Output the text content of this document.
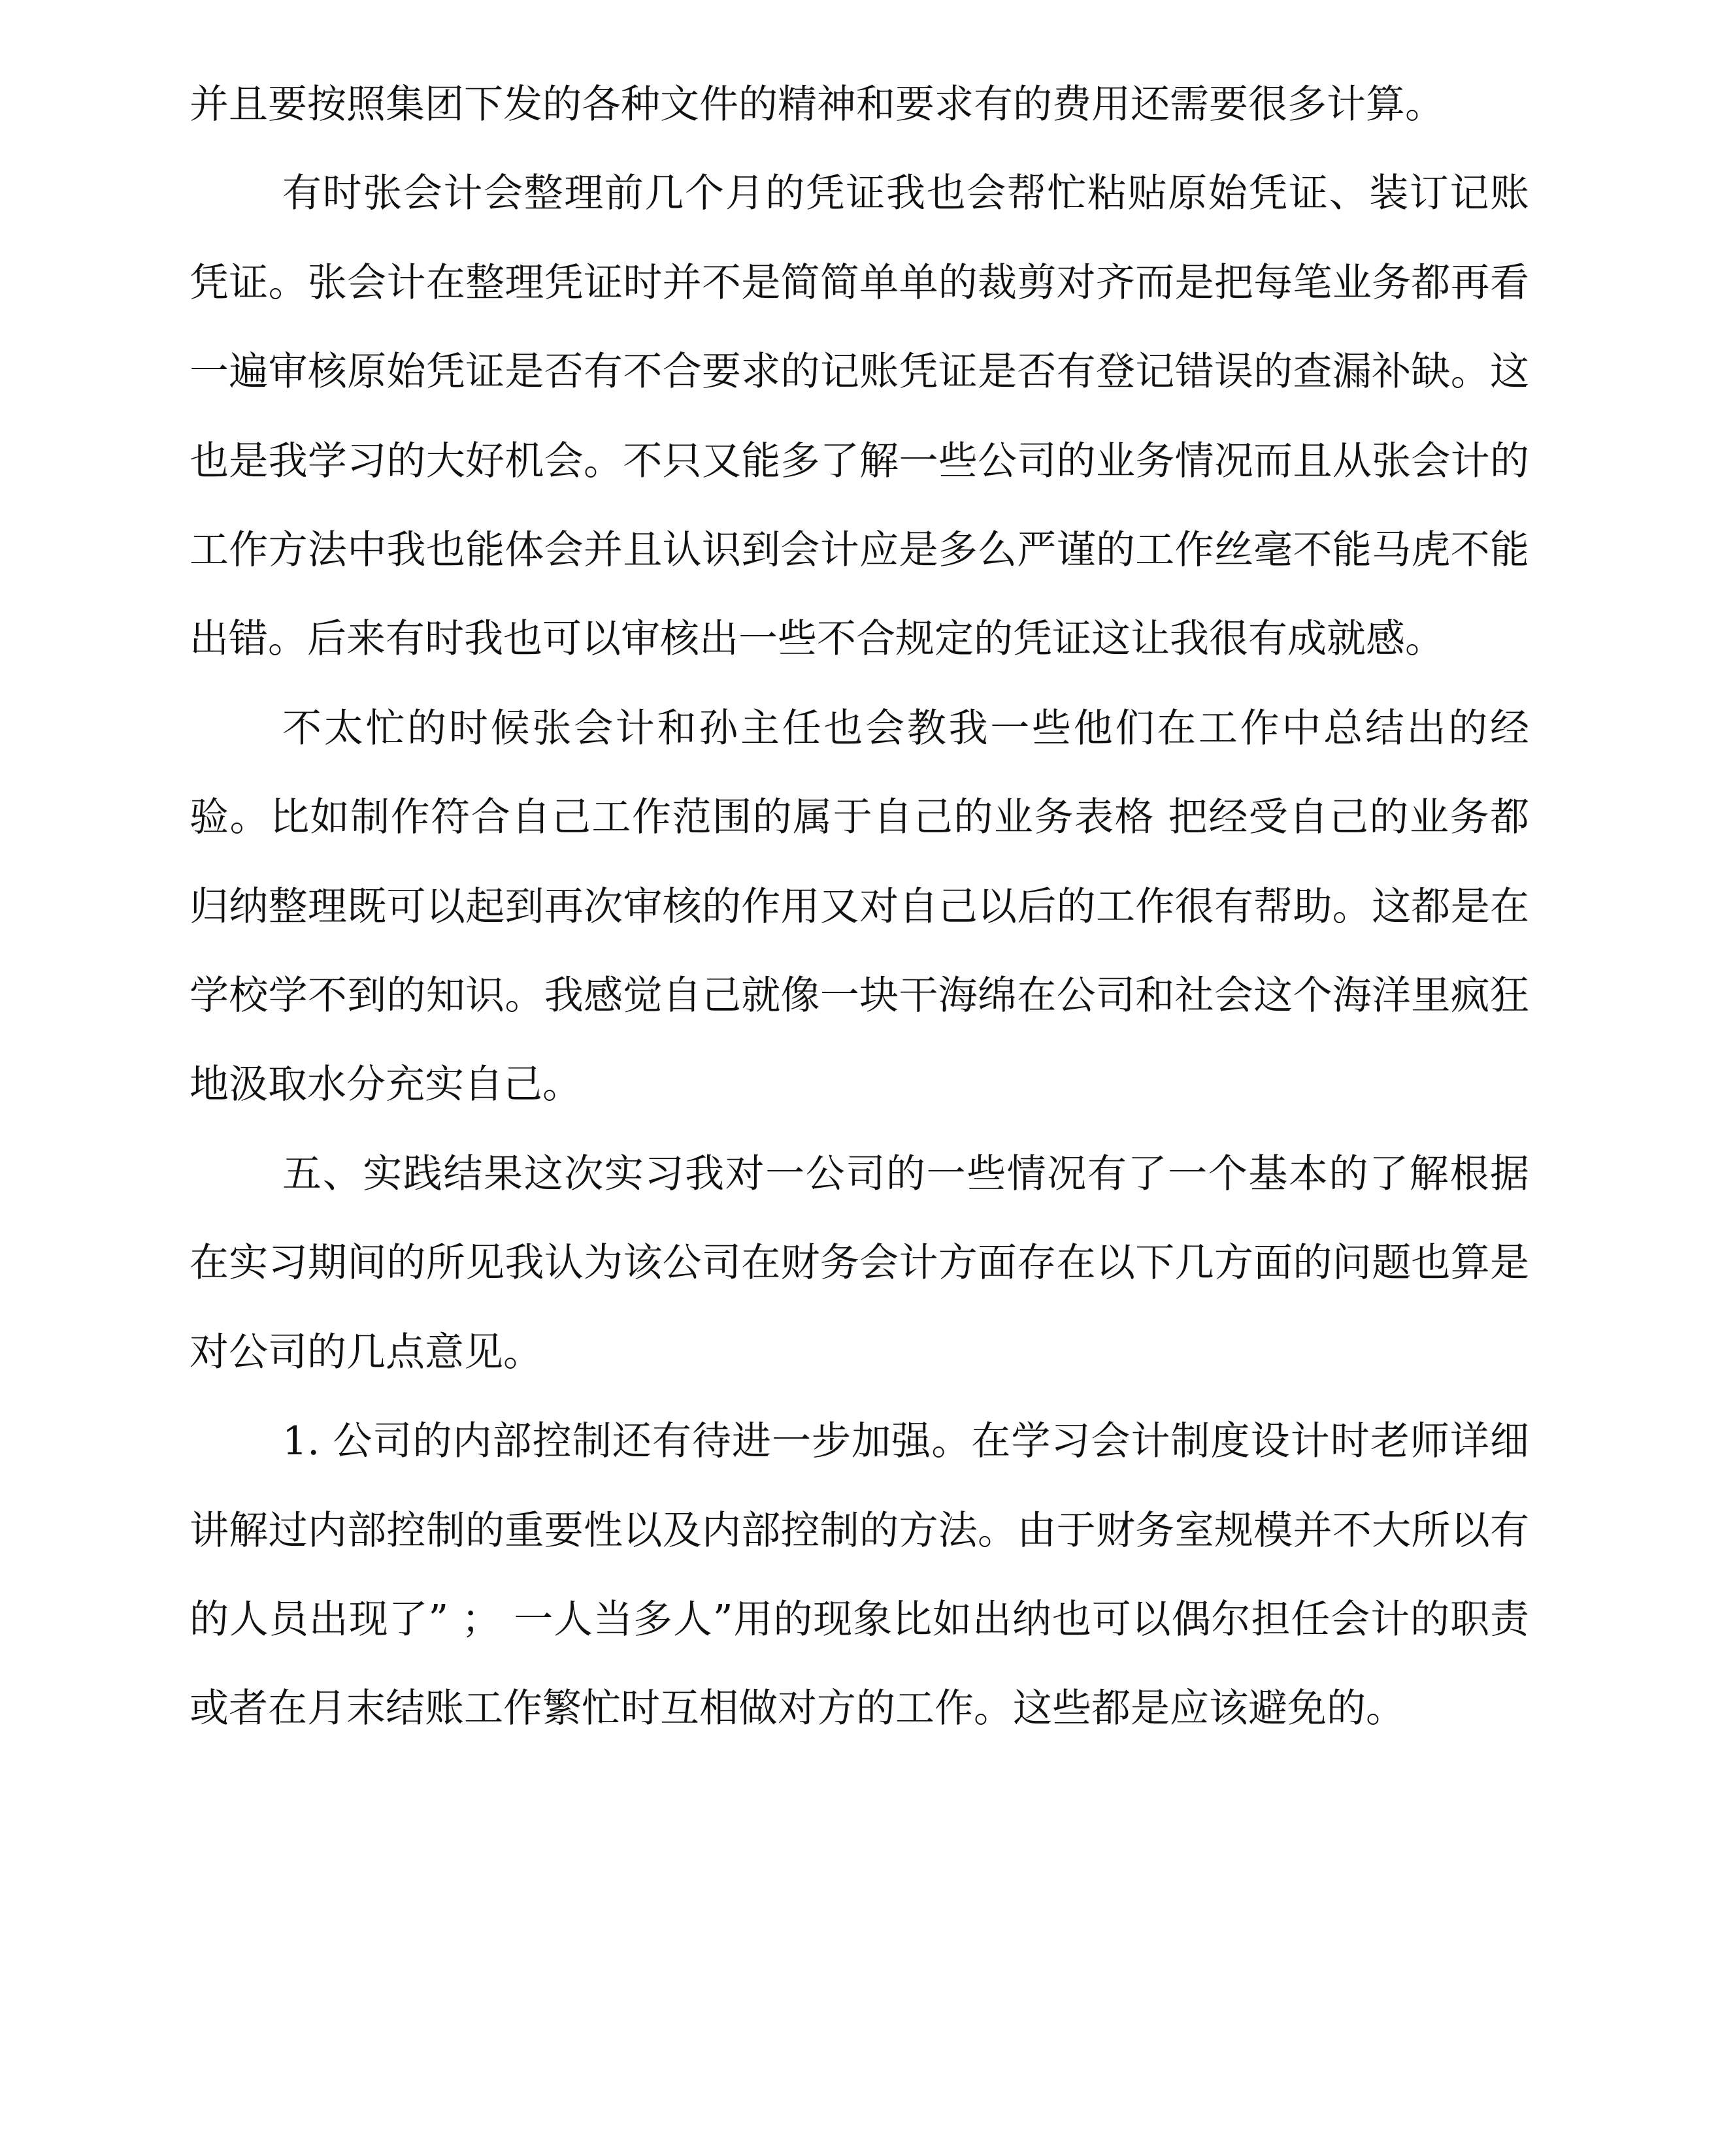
并且要按照集团下发的各种文件的精神和要求有的费用还需要很多计算。

有时张会计会整理前几个月的凭证我也会帮忙粘贴原始凭证、装订记账凭证。张会计在整理凭证时并不是简简单单的裁剪对齐而是把每笔业务都再看一遍审核原始凭证是否有不合要求的记账凭证是否有登记错误的查漏补缺。这也是我学习的大好机会。不只又能多了解一些公司的业务情况而且从张会计的工作方法中我也能体会并且认识到会计应是多么严谨的工作丝毫不能马虎不能出错。后来有时我也可以审核出一些不合规定的凭证这让我很有成就感。

不太忙的时候张会计和孙主任也会教我一些他们在工作中总结出的经验。比如制作符合自己工作范围的属于自己的业务表格 把经受自己的业务都归纳整理既可以起到再次审核的作用又对自己以后的工作很有帮助。这都是在学校学不到的知识。我感觉自己就像一块干海绵在公司和社会这个海洋里疯狂地汲取水分充实自己。

五、实践结果这次实习我对一公司的一些情况有了一个基本的了解根据在实习期间的所见我认为该公司在财务会计方面存在以下几方面的问题也算是对公司的几点意见。

1. 公司的内部控制还有待进一步加强。在学习会计制度设计时老师详细讲解过内部控制的重要性以及内部控制的方法。由于财务室规模并不大所以有的人员出现了” ； 一人当多人”用的现象比如出纳也可以偶尔担任会计的职责或者在月末结账工作繁忙时互相做对方的工作。这些都是应该避免的。
